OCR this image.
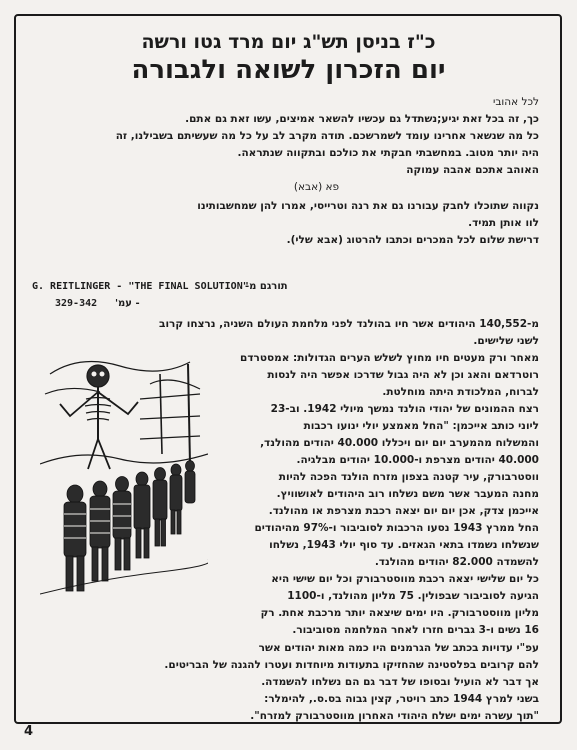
כ"ז בניסן תש"ג יום מרד גטו ורשה
יום הזכרון לשואה ולגבורה
לכל אהובי
כך, זה בכל זאת יגיע;נשתדל גם עכשיו להשאר אמיצים, עשו זאת גם אתם.
כל מה שנשאר אחרינו עומד לשמרשכם. תודה מקרב לב על כל מה שעשיתם בשבילנו, זה
היה יותר מטוב. במחשבתי חבקתי את כולכם ובתקווה שנתראה.
האוהב אתכם אהבה עמוקה
פא (אבא)
נקווה שתוכלו לחבק עבורנו גם את רנה וטרייסי, אמרו להן שמחשבותינו
לוו אותן תמיד.
דרישת שלום לכל המכרים וכתבו להרטוג (אבא שלי).
G. REITLINGER - "THE FINAL SOLUTION"
תורגם מ-
329-342 - עמ'
מ-140,552 היהודים אשר חיו בהולנד לפני מלחמת העולם השניה, נרצחו קרוב
לשני שלישים.
מאחר ורק מעטים חיו מחוץ לשלש הערים הגדולות: אמסטרדם
רוטרדאם והאג וכן לא היה גבול שדרכו אפשר היה לנסות
לברוח, המלכודת היתה מוחלטת.
רצח ההמונים של יהודי הולנד נמשך מיולי 1942. וב-23
ליוני כותב אייכמן: "החל מאמצע יולי ינועו רכבות
והמשלוח מהמערב יום יום ויכללו 40.000 יהודים מהולנד,
40.000 יהודים מצרפת ו-10.000 יהודים מבלגיה.
ווסטרבורק, עיר קטנה בצפון מזרח הולנד הפכה להיות
מחנה המעבר אשר משם נשלחו רוב היהודים לאושוויץ.
אייכמן צדק, אכן יום יום יצאה רכבת מצרפת או מהולנד.
החל ממרץ 1943 נסעו הרכבות לסוביבור ו-97% מהיהודים
שנשלחו נשמדו בתאי הגאזים. עד סוף יולי 1943, נשלחו
להשמדה 82.000 יהודים מהולנד.
כל יום שלישי יצאה רכבת מווסטרבורק וכל יום שישי היא
הגיעה לסוביבור שבפולין. 75 מליון מהולנד, ו-1100
מליון מווסטרבורק. היו ימים שיצאה יותר מרכבת אחת. רק
16 נשים ו-3 גברים חזרו לאחר המלחמה מסוביבור.
עפ"י עדויות בכתב של הגרמנים היו כמה מאות יהודים אשר
להם קרובים בפלסטינה שהחזיקו בתעודות מיוחדות ועטרו להגנה של הבריטים.
אך דבר לא הועיל ובסופו של דבר גם הם נשלחו להשמדה.
בשני למרץ 1944 כתב רויטר, קצין גבוה בס.ס., להימלר:
"תוך עשרה ימים ישלח היהודי האחרון מווסטרבורק למזרח".
4
